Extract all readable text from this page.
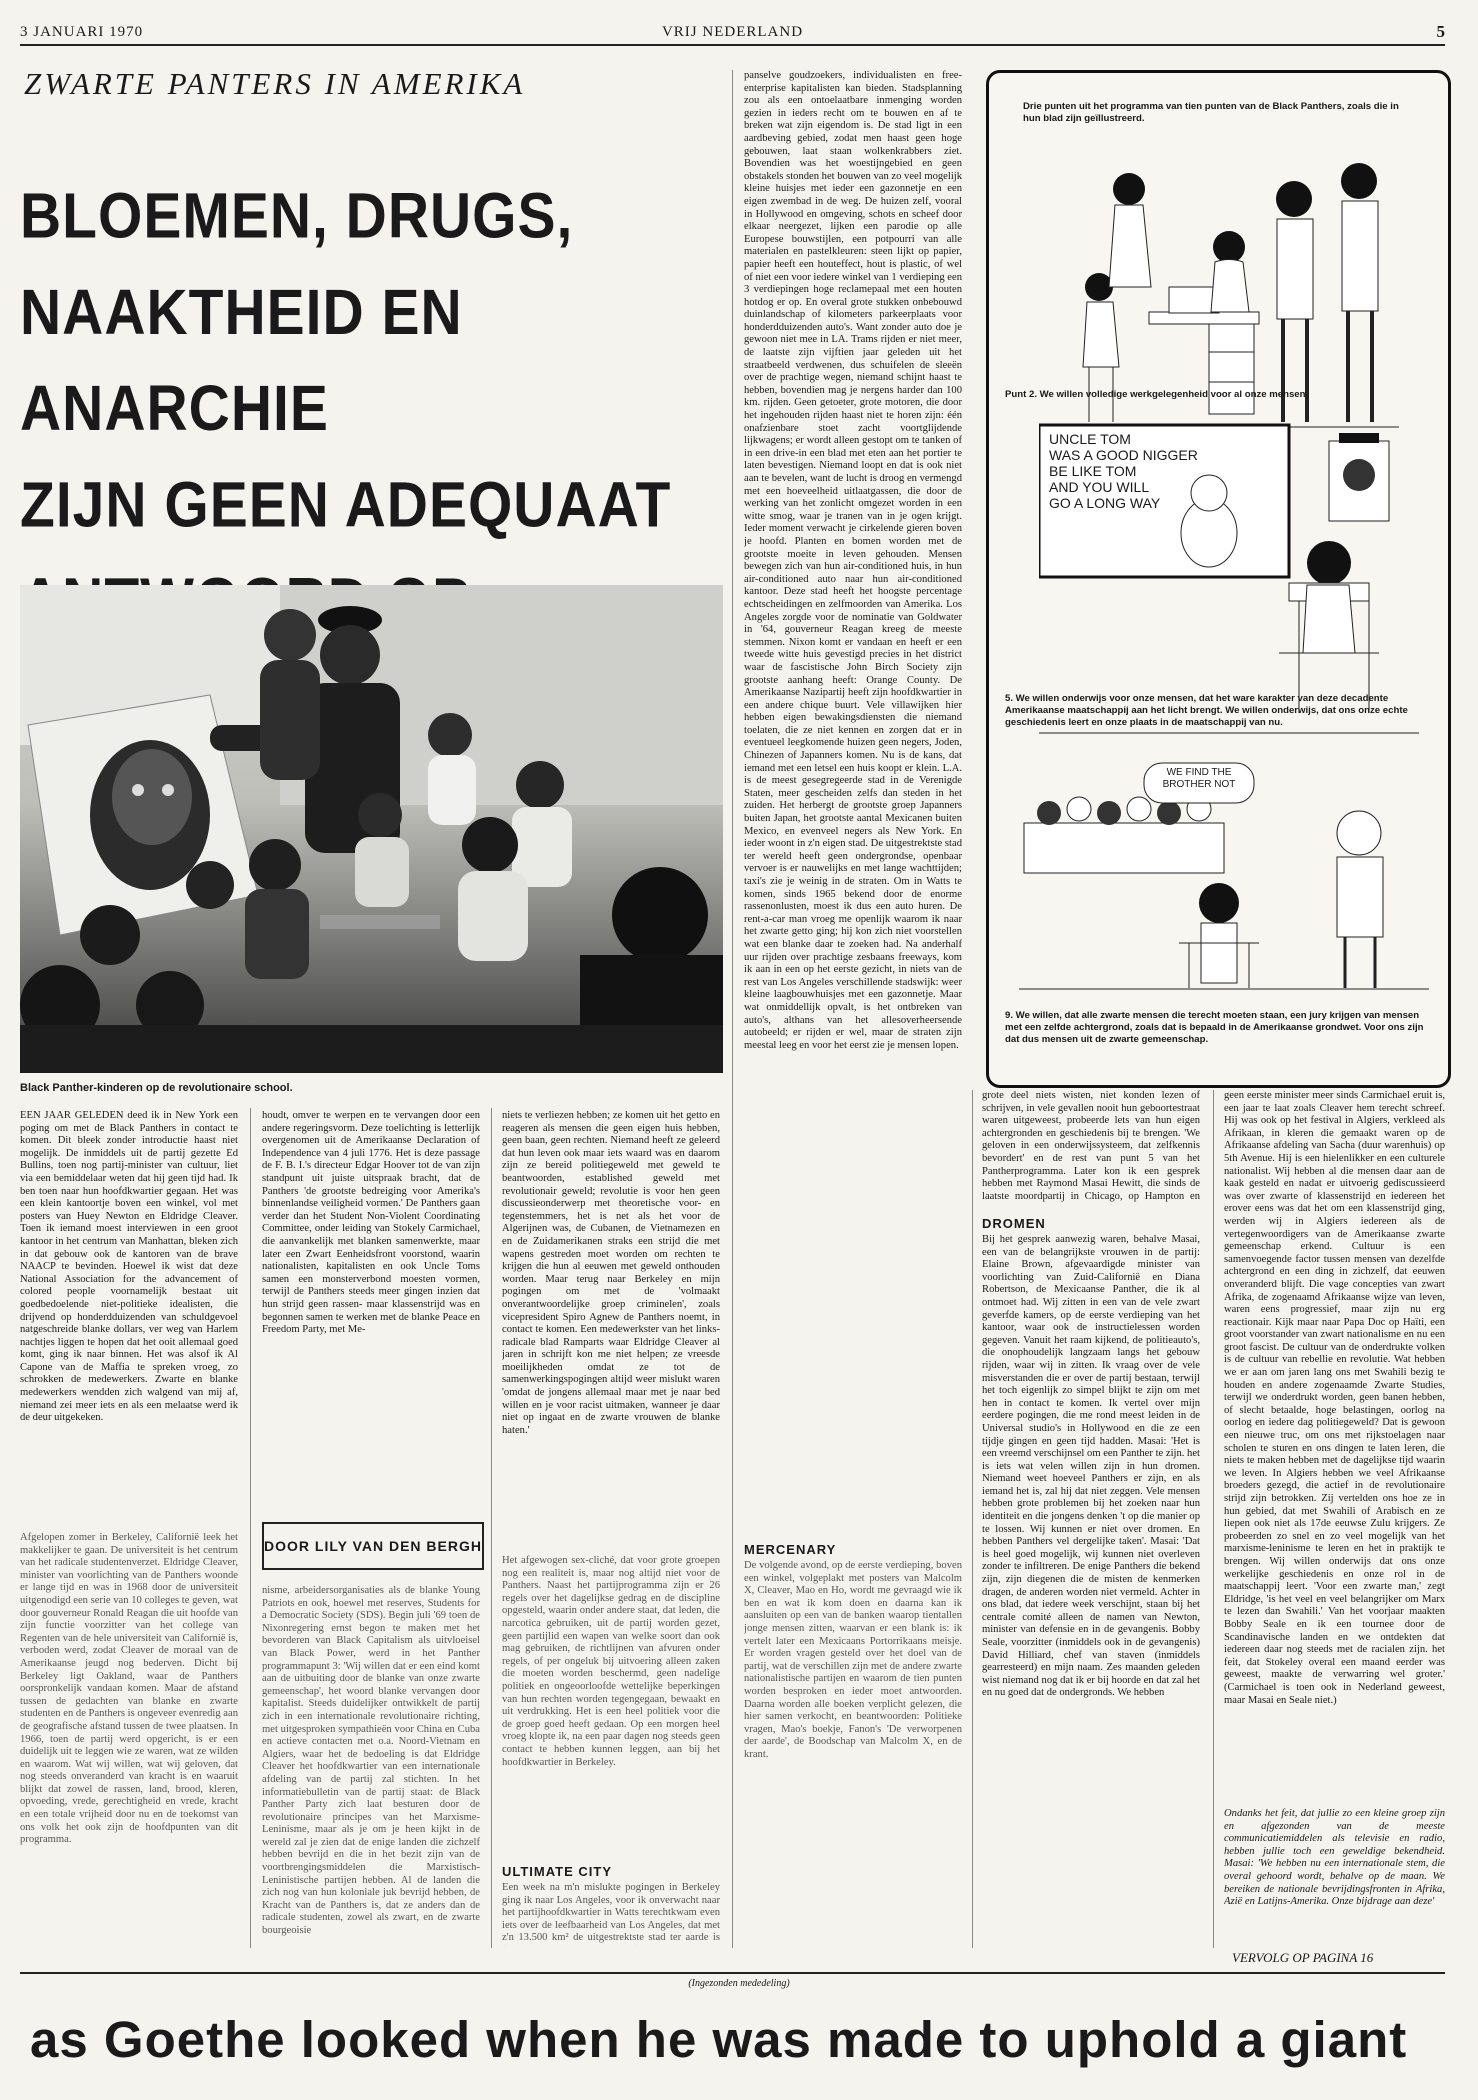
3 JANUARI 1970	VRIJ NEDERLAND	5
ZWARTE PANTERS IN AMERIKA
BLOEMEN, DRUGS,
NAAKTHEID EN ANARCHIE
ZIJN GEEN ADEQUAAT
Black Panther-kinderen op de revolutionaire school.

EEN JAAR GELEDEN deed ik in New York een poging om met de Black Panthers in contact te komen. Dit bleek zonder introductie haast niet mogelijk. De inmiddels uit de partij gezette Ed Bullins, toen nog partij-minister van cultuur, liet via een bemiddelaar weten dat hij geen tijd had. Ik ben toen naar hun hoofdkwartier gegaan. Het was een klein kantoortje boven een winkel, vol met posters van Huey Newton en Eldridge Cleaver. Toen ik iemand moest interviewen in een groot kantoor in het centrum van Manhattan, bleken zich in dat gebouw ook de kantoren van de brave NAACP te bevinden. Hoewel ik wist dat deze National Association for the advancement of colored people voornamelijk bestaat uit goedbedoelende niet-politieke idealisten, die drijvend op honderdduizenden van schuldgevoel natgeschreide blanke dollars, ver weg van Harlem nachtjes liggen te hopen dat het ooit allemaal goed komt, ging ik naar binnen. Het was alsof ik Al Capone van de Maffia te spreken vroeg, zo schrokken de medewerkers. Zwarte en blanke medewerkers wendden zich walgend van mij af, niemand zei meer iets en als een melaatse werd ik de deur uitgekeken.

Afgelopen zomer in Berkeley, Californië leek het makkelijker te gaan. De universiteit is het centrum van het radicale studentenverzet. Eldridge Cleaver, minister van voorlichting van de Panthers woonde er lange tijd en was in 1968 door de universiteit uitgenodigd een serie van 10 colleges te geven, wat door gouverneur Ronald Reagan die uit hoofde van zijn functie voorzitter van het college van Regenten van de hele universiteit van Californië is, verboden werd, zodat Cleaver de moraal van de Amerikaanse jeugd nog bederven. Dicht bij Berkeley ligt Oakland, waar de Panthers oorspronkelijk vandaan komen. Maar de afstand tussen de gedachten van blanke en zwarte studenten en de Panthers is ongeveer evenredig aan de geografische afstand tussen de twee plaatsen. In 1966, toen de partij werd opgericht, is er een duidelijk uit te leggen wie ze waren, wat ze wilden en waarom. Wat wij willen, wat wij geloven, dat nog steeds onveranderd van kracht is en waaruit blijkt dat zowel de rassen, land, brood, kleren, opvoeding, vrede, gerechtigheid en vrede, kracht en een totale vrijheid door nu en de toekomst van ons volk het ook zijn de hoofdpunten van dit programma.

houdt, omver te werpen en te vervangen door een andere regeringsvorm. Deze toelichting is letterlijk overgenomen uit de Amerikaanse Declaration of Independence van 4 juli 1776. Het is deze passage de F. B. I.'s directeur Edgar Hoover tot de van zijn standpunt uit juiste uitspraak bracht, dat de Panthers 'de grootste bedreiging voor Amerika's binnenlandse veiligheid vormen.' De Panthers gaan verder dan het Student Non-Violent Coordinating Committee, onder leiding van Stokely Carmichael, die aanvankelijk met blanken samenwerkte, maar later een Zwart Eenheidsfront voorstond, waarin nationalisten, kapitalisten en ook Uncle Toms samen een monsterverbond moesten vormen, terwijl de Panthers steeds meer gingen inzien dat hun strijd geen rassen- maar klassenstrijd was en begonnen samen te werken met de blanke Peace en Freedom Party, met Me-

DOOR LILY VAN DEN BERGH

nisme, arbeidersorganisaties als de blanke Young Patriots en ook, hoewel met reserves, Students for a Democratic Society (SDS). Begin juli '69 toen de Nixonregering ernst begon te maken met het bevorderen van Black Capitalism als uitvloeisel van Black Power, werd in het Panther programmapunt 3: 'Wij willen dat er een eind komt aan de uitbuiting door de blanke van onze zwarte gemeenschap', het woord blanke vervangen door kapitalist. Steeds duidelijker ontwikkelt de partij zich in een internationale revolutionaire richting, met uitgesproken sympathieën voor China en Cuba en actieve contacten met o.a. Noord-Vietnam en Algiers, waar het de bedoeling is dat Eldridge Cleaver het hoofdkwartier van een internationale afdeling van de partij zal stichten. In het informatiebulletin van de partij staat: de Black Panther Party zich laat besturen door de revolutionaire principes van het Marxisme-Leninisme, maar als je om je heen kijkt in de wereld zal je zien dat de enige landen die zichzelf hebben bevrijd en die in het bezit zijn van de voortbrengingsmiddelen die Marxistisch-Leninistische partijen hebben. Al de landen die zich nog van hun koloniale juk bevrijd hebben, de Kracht van de Panthers is, dat ze anders dan de radicale studenten, zowel als zwart, en de zwarte bourgeoisie

niets te verliezen hebben; ze komen uit het getto en reageren als mensen die geen eigen huis hebben, geen baan, geen rechten. Niemand heeft ze geleerd dat hun leven ook maar iets waard was en daarom zijn ze bereid politiegeweld met geweld te beantwoorden, established geweld met revolutionair geweld; revolutie is voor hen geen discussieonderwerp met theoretische voor- en tegenstemmers, het is net als het voor de Algerijnen was, de Cubanen, de Vietnamezen en en de Zuidamerikanen straks een strijd die met wapens gestreden moet worden om rechten te krijgen die hun al eeuwen met geweld onthouden worden. Maar terug naar Berkeley en mijn pogingen om met de 'volmaakt onverantwoordelijke groep criminelen', zoals vicepresident Spiro Agnew de Panthers noemt, in contact te komen. Een medewerkster van het links-radicale blad Ramparts waar Eldridge Cleaver al jaren in schrijft kon me niet helpen; ze vreesde moeilijkheden omdat ze tot de samenwerkingspogingen altijd weer mislukt waren 'omdat de jongens allemaal maar met je naar bed willen en je voor racist uitmaken, wanneer je daar niet op ingaat en de zwarte vrouwen de blanke haten.'

Het afgewogen sex-cliché, dat voor grote groepen nog een realiteit is, maar nog altijd niet voor de Panthers. Naast het partijprogramma zijn er 26 regels over het dagelijkse gedrag en de discipline opgesteld, waarin onder andere staat, dat leden, die narcotica gebruiken, uit de partij worden gezet, geen partijlid een wapen van welke soort dan ook mag gebruiken, de richtlijnen van afvuren onder regels, of per ongeluk bij uitvoering alleen zaken die moeten worden beschermd, geen nadelige politiek en ongeoorloofde wettelijke beperkingen van hun rechten worden tegengegaan, bewaakt en uit verdrukking. Het is een heel politiek voor die de groep goed heeft gedaan. Op een morgen heel vroeg klopte ik, na een paar dagen nog steeds geen contact te hebben kunnen leggen, aan bij het hoofdkwartier in Berkeley.

ULTIMATE CITY

Een week na m'n mislukte pogingen in Berkeley ging ik naar Los Angeles, voor ik onverwacht naar het partijhoofdkwartier in Watts terechtkwam even iets over de leefbaarheid van Los Angeles, dat met z'n 13.500 km² de uitgestrektste stad ter aarde is

panselve goudzoekers, individualisten en free-enterprise kapitalisten kan bieden. Stadsplanning zou als een ontoelaatbare inmenging worden gezien in ieders recht om te bouwen en af te breken wat zijn eigendom is. De stad ligt in een aardbeving gebied, zodat men haast geen hoge gebouwen, laat staan wolkenkrabbers ziet. Bovendien was het woestijngebied en geen obstakels stonden het bouwen van zo veel mogelijk kleine huisjes met ieder een gazonnetje en een eigen zwembad in de weg. De huizen zelf, vooral in Hollywood en omgeving, schots en scheef door elkaar neergezet, lijken een parodie op alle Europese bouwstijlen, een potpourri van alle materialen en pastelkleuren: steen lijkt op papier, papier heeft een houteffect, hout is plastic, of wel of niet een voor iedere winkel van 1 verdieping een 3 verdiepingen hoge reclamepaal met een houten hotdog er op. En overal grote stukken onbebouwd duinlandschap of kilometers parkeerplaats voor honderdduizenden auto's. Want zonder auto doe je gewoon niet mee in LA. Trams rijden er niet meer, de laatste zijn vijftien jaar geleden uit het straatbeeld verdwenen, dus schuifelen de sleeën over de prachtige wegen, niemand schijnt haast te hebben, bovendien mag je nergens harder dan 100 km. rijden. Geen getoeter, grote motoren, die door het ingehouden rijden haast niet te horen zijn: één onafzienbare stoet zacht voortglijdende lijkwagens; er wordt alleen gestopt om te tanken of in een drive-in een blad met eten aan het portier te laten bevestigen. Niemand loopt en dat is ook niet aan te bevelen, want de lucht is droog en vermengd met een hoeveelheid uitlaatgassen, die door de werking van het zonlicht omgezet worden in een witte smog, waar je tranen van in je ogen krijgt. Ieder moment verwacht je cirkelende gieren boven je hoofd. Planten en bomen worden met de grootste moeite in leven gehouden. Mensen bewegen zich van hun air-conditioned huis, in hun air-conditioned auto naar hun air-conditioned kantoor. Deze stad heeft het hoogste percentage echtscheidingen en zelfmoorden van Amerika. Los Angeles zorgde voor de nominatie van Goldwater in '64, gouverneur Reagan kreeg de meeste stemmen. Nixon komt er vandaan en heeft er een tweede witte huis gevestigd precies in het district waar de fascistische John Birch Society zijn grootste aanhang heeft: Orange County. De Amerikaanse Nazipartij heeft zijn hoofdkwartier in een andere chique buurt. Vele villawijken hier hebben eigen bewakingsdiensten die niemand toelaten, die ze niet kennen en zorgen dat er in eventueel leegkomende huizen geen negers, Joden, Chinezen of Japanners komen. Nu is de kans, dat iemand met een letsel een huis koopt er klein. L.A. is de meest gesegregeerde stad in de Verenigde Staten, meer gescheiden zelfs dan steden in het zuiden. Het herbergt de grootste groep Japanners buiten Japan, het grootste aantal Mexicanen buiten Mexico, en evenveel negers als New York. En ieder woont in z'n eigen stad. De uitgestrektste stad ter wereld heeft geen ondergrondse, openbaar vervoer is er nauwelijks en met lange wachttijden; taxi's zie je weinig in de straten. Om in Watts te komen, sinds 1965 bekend door de enorme rassenonlusten, moest ik dus een auto huren. De rent-a-car man vroeg me openlijk waarom ik naar het zwarte getto ging; hij kon zich niet voorstellen wat een blanke daar te zoeken had. Na anderhalf uur rijden over prachtige zesbaans freeways, kom ik aan in een op het eerste gezicht, in niets van de rest van Los Angeles verschillende stadswijk: weer kleine laagbouwhuisjes met een gazonnetje. Maar wat onmiddellijk opvalt, is het ontbreken van auto's, althans van het allesoverheersende autobeeld; er rijden er wel, maar de straten zijn meestal leeg en voor het eerst zie je mensen lopen.

MERCENARY

De volgende avond, op de eerste verdieping, boven een winkel, volgeplakt met posters van Malcolm X, Cleaver, Mao en Ho, wordt me gevraagd wie ik ben en wat ik kom doen en daarna kan ik aansluiten op een van de banken waarop tientallen jonge mensen zitten, waarvan er een blank is: ik vertelt later een Mexicaans Portorrikaans meisje. Er worden vragen gesteld over het doel van de partij, wat de verschillen zijn met de andere zwarte nationalistische partijen en waarom de tien punten worden besproken en ieder moet antwoorden. Daarna worden alle boeken verplicht gelezen, die hier samen verkocht, en beantwoorden: Politieke vragen, Mao's boekje, Fanon's 'De verworpenen der aarde', de Boodschap van Malcolm X, en de krant.

grote deel niets wisten, niet konden lezen of schrijven, in vele gevallen nooit hun geboortestraat waren uitgeweest, probeerde lets van hun eigen achtergronden en geschiedenis bij te brengen. 'We geloven in een onderwijssysteem, dat zelfkennis bevordert' en de rest van punt 5 van het Pantherprogramma. Later kon ik een gesprek hebben met Raymond Masai Hewitt, die sinds de laatste moordpartij in Chicago, op Hampton en

DROMEN

Bij het gesprek aanwezig waren, behalve Masai, een van de belangrijkste vrouwen in de partij: Elaine Brown, afgevaardigde minister van voorlichting van Zuid-Californië en Diana Robertson, de Mexicaanse Panther, die ik al ontmoet had. Wij zitten in een van de vele zwart geverfde kamers, op de eerste verdieping van het kantoor, waar ook de instructielessen worden gegeven. Vanuit het raam kijkend, de politieauto's, die onophoudelijk langzaam langs het gebouw rijden, waar wij in zitten. Ik vraag over de vele misverstanden die er over de partij bestaan, terwijl het toch eigenlijk zo simpel blijkt te zijn om met hen in contact te komen. Ik vertel over mijn eerdere pogingen, die me rond meest leiden in de Universal studio's in Hollywood en die ze een tijdje gingen en geen tijd hadden. Masai: 'Het is een vreemd verschijnsel om een Panther te zijn. het is iets wat velen willen zijn in hun dromen. Niemand weet hoeveel Panthers er zijn, en als iemand het is, zal hij dat niet zeggen. Vele mensen hebben grote problemen bij het zoeken naar hun identiteit en die jongens denken 't op die manier op te lossen. Wij kunnen er niet over dromen. En hebben Panthers vel dergelijke taken'. Masai: 'Dat is heel goed mogelijk, wij kunnen niet overleven zonder te infiltreren. De enige Panthers die bekend zijn, zijn diegenen die de misten de kenmerken dragen, de anderen worden niet vermeld. Achter in ons blad, dat iedere week verschijnt, staan bij het centrale comité alleen de namen van Newton, minister van defensie en in de gevangenis. Bobby Seale, voorzitter (inmiddels ook in de gevangenis) David Hilliard, chef van staven (inmiddels gearresteerd) en mijn naam. Zes maanden geleden wist niemand nog dat ik er bij hoorde en dat zal het en nu goed dat de ondergronds. We hebben

geen eerste minister meer sinds Carmichael eruit is, een jaar te laat zoals Cleaver hem terecht schreef. Hij was ook op het festival in Algiers, verkleed als Afrikaan, in kleren die gemaakt waren op de Afrikaanse afdeling van Sacha (duur warenhuis) op 5th Avenue. Hij is een hielenlikker en een culturele nationalist. Wij hebben al die mensen daar aan de kaak gesteld en nadat er uitvoerig gediscussieerd was over zwarte of klassenstrijd en iedereen het erover eens was dat het om een klassenstrijd ging, werden wij in Algiers iedereen als de vertegenwoordigers van de Amerikaanse zwarte gemeenschap erkend. Cultuur is een samenvoegende factor tussen mensen van dezelfde achtergrond en een ding in zichzelf, dat eeuwen onveranderd blijft. Die vage concepties van zwart Afrika, de zogenaamd Afrikaanse wijze van leven, waren eens progressief, maar zijn nu erg reactionair. Kijk maar naar Papa Doc op Haïti, een groot voorstander van zwart nationalisme en nu een groot fascist. De cultuur van de onderdrukte volken is de cultuur van rebellie en revolutie. Wat hebben we er aan om jaren lang ons met Swahili bezig te houden en andere zogenaamde Zwarte Studies, terwijl we onderdrukt worden, geen banen hebben, of slecht betaalde, hoge belastingen, oorlog na oorlog en iedere dag politiegeweld? Dat is gewoon een nieuwe truc, om ons met rijkstoelagen naar scholen te sturen en ons dingen te laten leren, die niets te maken hebben met de dagelijkse tijd waarin we leven. In Algiers hebben we veel Afrikaanse broeders gezegd, die actief in de revolutionaire strijd zijn betrokken. Zij vertelden ons hoe ze in hun gebied, dat met Swahili of Arabisch en ze liepen ook niet als 17de eeuwse Zulu krijgers. Ze probeerden zo snel en zo veel mogelijk van het marxisme-leninisme te leren en het in praktijk te brengen. Wij willen onderwijs dat ons onze werkelijke geschiedenis en onze rol in de maatschappij leert. 'Voor een zwarte man,' zegt Eldridge, 'is het veel en veel belangrijker om Marx te lezen dan Swahili.' Van het voorjaar maakten Bobby Seale en ik een tournee door de Scandinavische landen en we ontdekten dat iedereen daar nog steeds met de racialen zijn. het feit, dat Stokeley overal een maand eerder was geweest, maakte de verwarring wel groter.' (Carmichael is toen ook in Nederland geweest, maar Masai en Seale niet.)

Ondanks het feit, dat jullie zo een kleine groep zijn en afgezonden van de meeste communicatiemiddelen als televisie en radio, hebben jullie toch een geweldige bekendheid. Masai: 'We hebben nu een internationale stem, die overal gehoord wordt, behalve op de maan. We bereiken de nationale bevrijdingsfronten in Afrika, Azië en Latijns-Amerika. Onze bijdrage aan deze'

VERVOLG OP PAGINA 16
Drie punten uit het programma van tien punten van de Black Panthers, zoals die in hun blad zijn geïllustreerd.
Punt 2. We willen volledige werkgelegenheid voor al onze mensen.
UNCLE TOM
WAS A GOOD NIGGER
BE LIKE TOM
AND YOU WILL
GO A LONG WAY
5. We willen onderwijs voor onze mensen, dat het ware karakter van deze decadente Amerikaanse maatschappij aan het licht brengt. We willen onderwijs, dat ons onze echte geschiedenis leert en onze plaats in de maatschappij van nu.
WE FIND THE
BROTHER NOT
9. We willen, dat alle zwarte mensen die terecht moeten staan, een jury krijgen van mensen met een zelfde achtergrond, zoals dat is bepaald in de Amerikaanse grondwet. Voor ons zijn dat dus mensen uit de zwarte gemeenschap.
(Ingezonden mededeling)
as Goethe looked when he was made to uphold a giant
